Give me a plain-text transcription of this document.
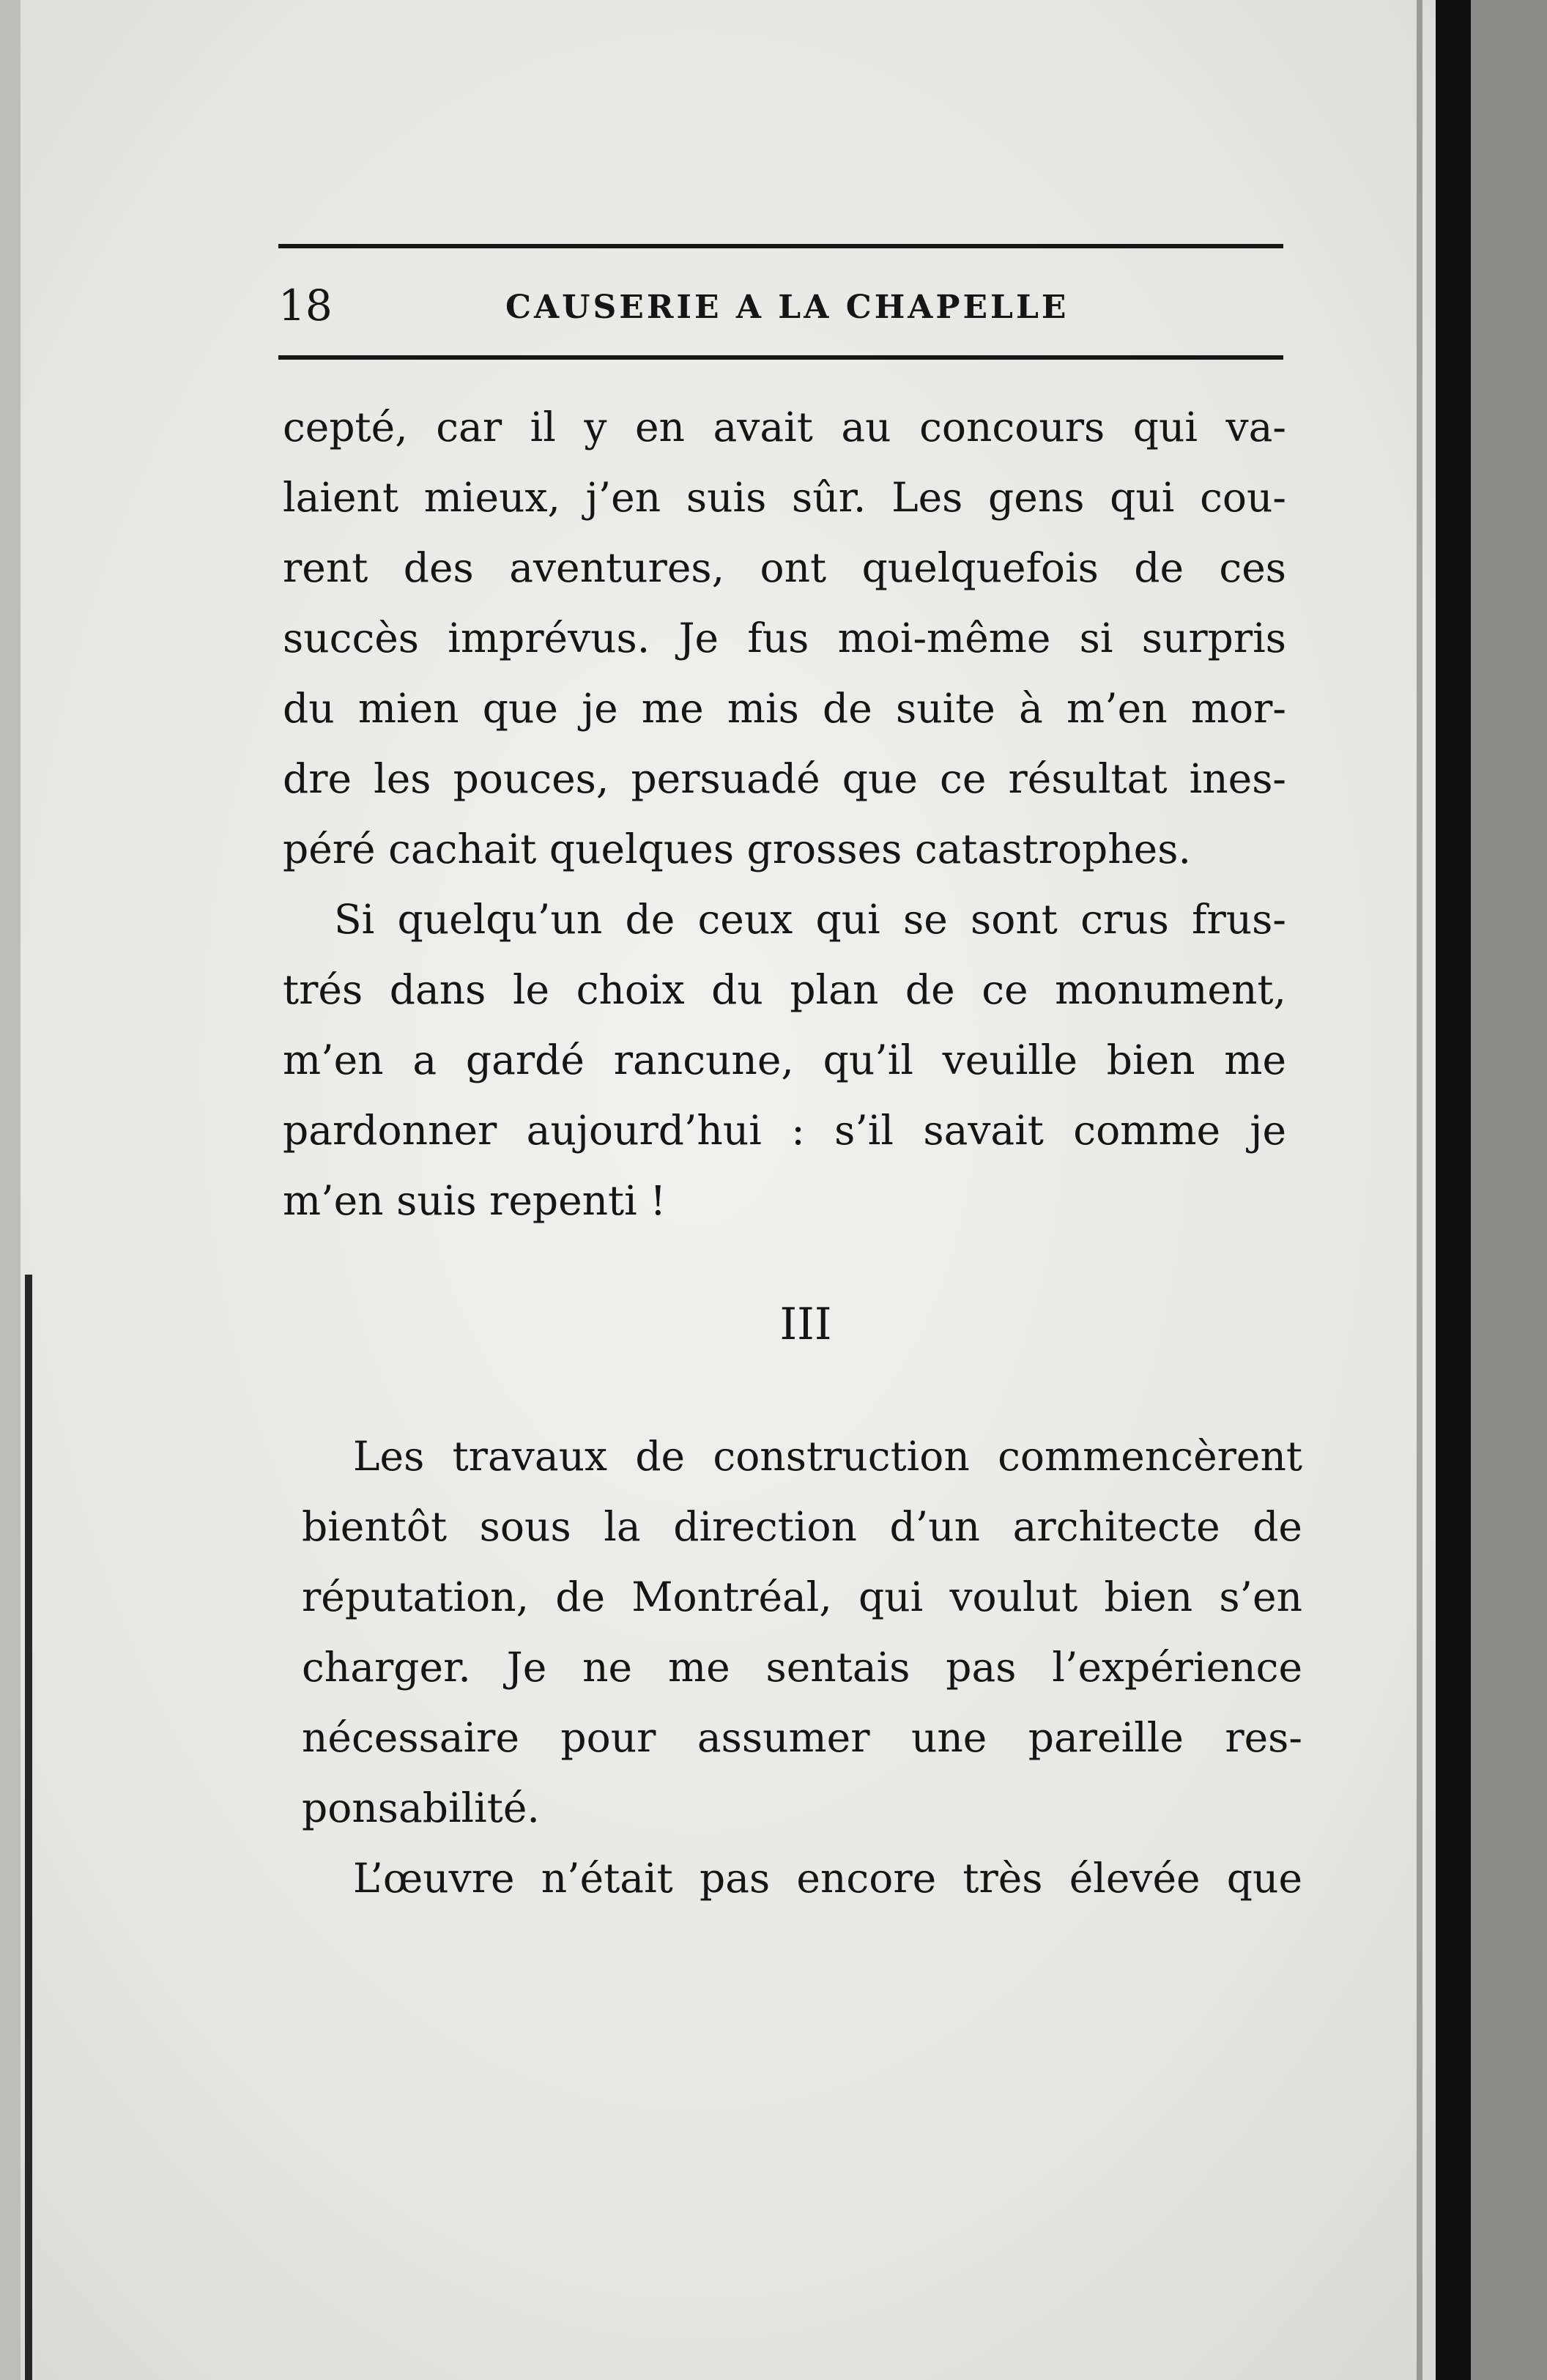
18	CAUSERIE A LA CHAPELLE
cepté, car il y en avait au concours qui va-
laient mieux, j’en suis sûr. Les gens qui cou-
rent des aventures, ont quelquefois de ces
succès imprévus. Je fus moi-même si surpris
du mien que je me mis de suite à m’en mor-
dre les pouces, persuadé que ce résultat ines-
péré cachait quelques grosses catastrophes.
Si quelqu’un de ceux qui se sont crus frus-
trés dans le choix du plan de ce monument,
m’en a gardé rancune, qu’il veuille bien me
pardonner aujourd’hui : s’il savait comme je
m’en suis repenti !
III
Les travaux de construction commencèrent
bientôt sous la direction d’un architecte de
réputation, de Montréal, qui voulut bien s’en
charger. Je ne me sentais pas l’expérience
nécessaire pour assumer une pareille res-
ponsabilité.
L’œuvre n’était pas encore très élevée que
